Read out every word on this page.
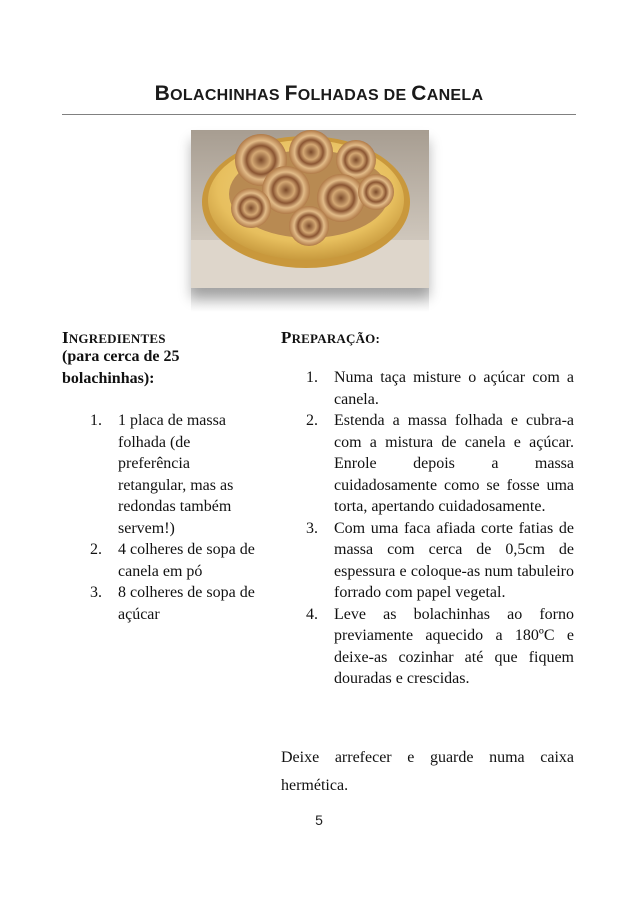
BOLACHINHAS FOLHADAS DE CANELA
INGREDIENTES
(para cerca de 25 bolachinhas):
1. 1 placa de massa folhada (de preferência retangular, mas as redondas também servem!)
2. 4 colheres de sopa de canela em pó
3. 8 colheres de sopa de açúcar
PREPARAÇÃO:
1. Numa taça misture o açúcar com a canela.
2. Estenda a massa folhada e cubra-a com a mistura de canela e açúcar. Enrole depois a massa cuidadosamente como se fosse uma torta, apertando cuidadosamente.
3. Com uma faca afiada corte fatias de massa com cerca de 0,5cm de espessura e coloque-as num tabuleiro forrado com papel vegetal.
4. Leve as bolachinhas ao forno previamente aquecido a 180ºC e deixe-as cozinhar até que fiquem douradas e crescidas.
Deixe arrefecer e guarde numa caixa hermética.
5
